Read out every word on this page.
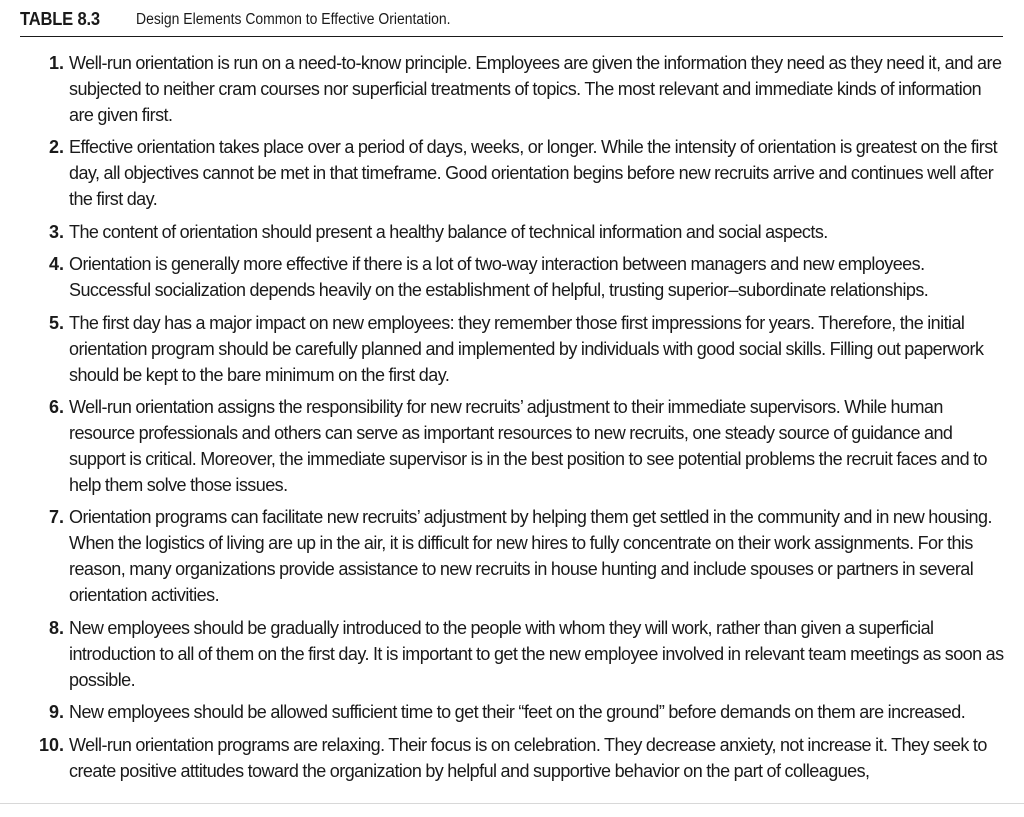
TABLE 8.3 Design Elements Common to Effective Orientation.
1. Well-run orientation is run on a need-to-know principle. Employees are given the information they need as they need it, and are subjected to neither cram courses nor superficial treatments of topics. The most relevant and immediate kinds of information are given first.
2. Effective orientation takes place over a period of days, weeks, or longer. While the intensity of orientation is greatest on the first day, all objectives cannot be met in that timeframe. Good orientation begins before new recruits arrive and continues well after the first day.
3. The content of orientation should present a healthy balance of technical information and social aspects.
4. Orientation is generally more effective if there is a lot of two-way interaction between managers and new employees. Successful socialization depends heavily on the establishment of helpful, trusting superior–subordinate relationships.
5. The first day has a major impact on new employees: they remember those first impressions for years. Therefore, the initial orientation program should be carefully planned and implemented by individuals with good social skills. Filling out paperwork should be kept to the bare minimum on the first day.
6. Well-run orientation assigns the responsibility for new recruits’ adjustment to their immediate supervisors. While human resource professionals and others can serve as important resources to new recruits, one steady source of guidance and support is critical. Moreover, the immediate supervisor is in the best position to see potential problems the recruit faces and to help them solve those issues.
7. Orientation programs can facilitate new recruits’ adjustment by helping them get settled in the community and in new housing. When the logistics of living are up in the air, it is difficult for new hires to fully concentrate on their work assignments. For this reason, many organizations provide assistance to new recruits in house hunting and include spouses or partners in several orientation activities.
8. New employees should be gradually introduced to the people with whom they will work, rather than given a superficial introduction to all of them on the first day. It is important to get the new employee involved in relevant team meetings as soon as possible.
9. New employees should be allowed sufficient time to get their “feet on the ground” before demands on them are increased.
10. Well-run orientation programs are relaxing. Their focus is on celebration. They decrease anxiety, not increase it. They seek to create positive attitudes toward the organization by helpful and supportive behavior on the part of colleagues,
